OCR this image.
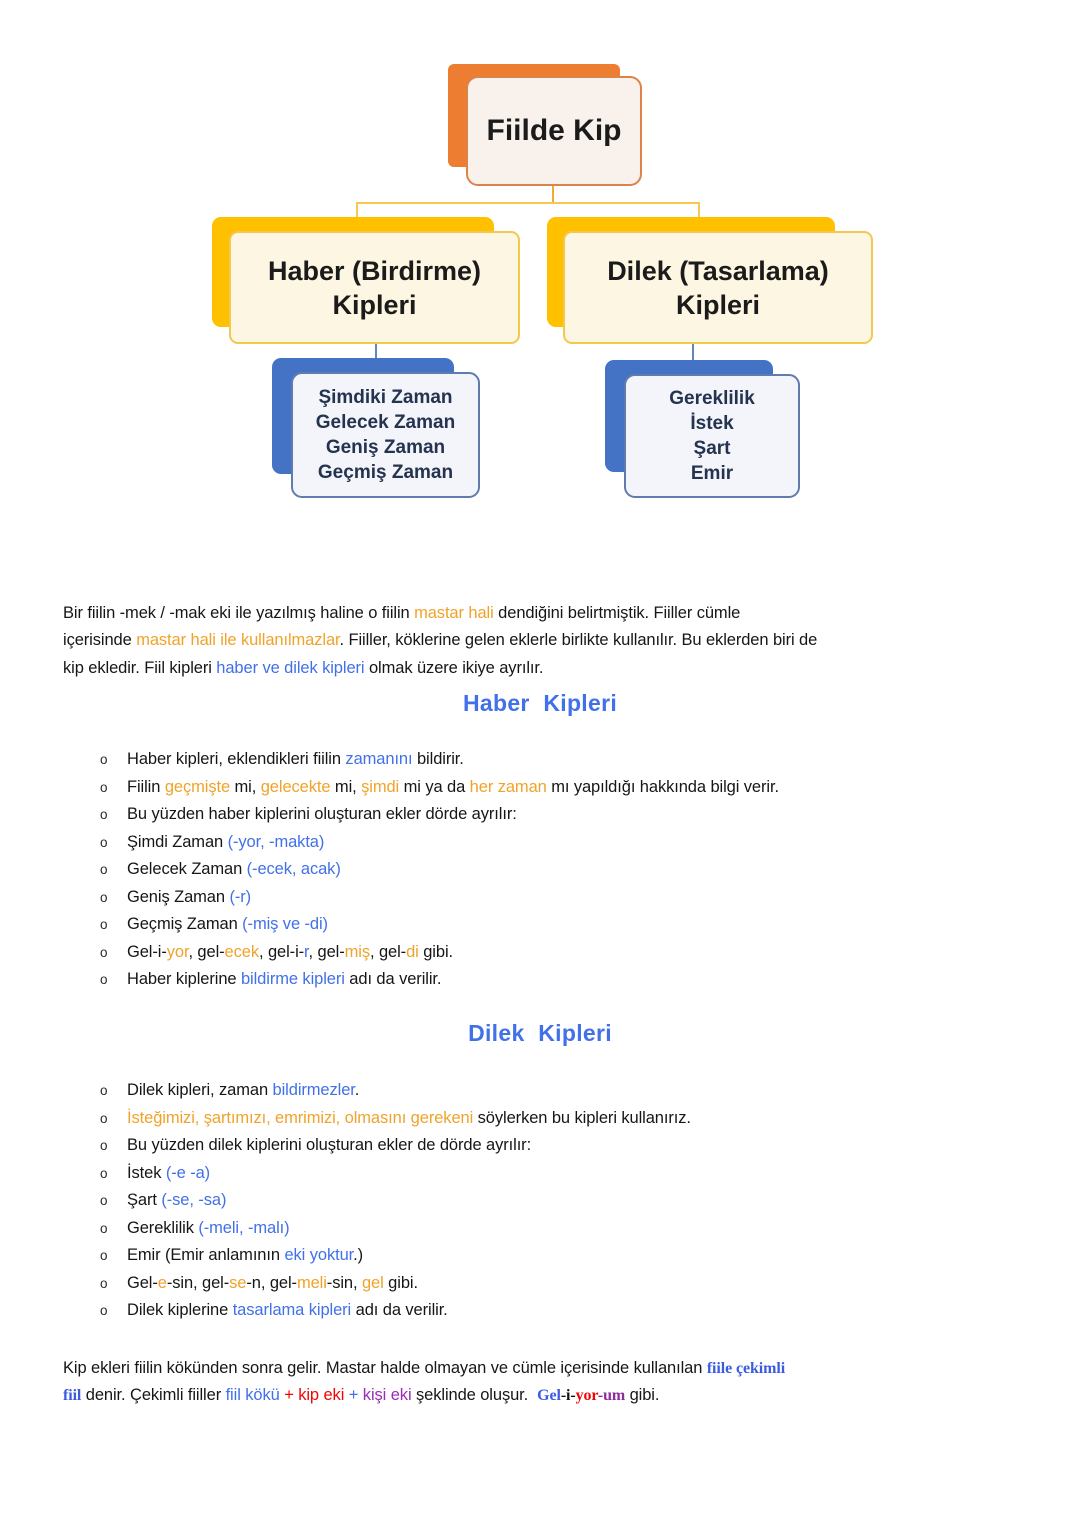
Fiilde Kip
Haber (Birdirme)
Kipleri
Dilek (Tasarlama)
Kipleri
Şimdiki Zaman
Gelecek Zaman
Geniş Zaman
Geçmiş Zaman
Gereklilik
İstek
Şart
Emir

Bir fiilin -mek / -mak eki ile yazılmış haline o fiilin mastar hali dendiğini belirtmiştik. Fiiller cümle
içerisinde mastar hali ile kullanılmazlar. Fiiller, köklerine gelen eklerle birlikte kullanılır. Bu eklerden biri de
kip ekledir. Fiil kipleri haber ve dilek kipleri olmak üzere ikiye ayrılır.

Haber Kipleri
o Haber kipleri, eklendikleri fiilin zamanını bildirir.
o Fiilin geçmişte mi, gelecekte mi, şimdi mi ya da her zaman mı yapıldığı hakkında bilgi verir.
o Bu yüzden haber kiplerini oluşturan ekler dörde ayrılır:
o Şimdi Zaman (-yor, -makta)
o Gelecek Zaman (-ecek, acak)
o Geniş Zaman (-r)
o Geçmiş Zaman (-miş ve -di)
o Gel-i-yor, gel-ecek, gel-i-r, gel-miş, gel-di gibi.
o Haber kiplerine bildirme kipleri adı da verilir.
Dilek Kipleri
o Dilek kipleri, zaman bildirmezler.
o İsteğimizi, şartımızı, emrimizi, olmasını gerekeni söylerken bu kipleri kullanırız.
o Bu yüzden dilek kiplerini oluşturan ekler de dörde ayrılır:
o İstek (-e -a)
o Şart (-se, -sa)
o Gereklilik (-meli, -malı)
o Emir (Emir anlamının eki yoktur.)
o Gel-e-sin, gel-se-n, gel-meli-sin, gel gibi.
o Dilek kiplerine tasarlama kipleri adı da verilir.

Kip ekleri fiilin kökünden sonra gelir. Mastar halde olmayan ve cümle içerisinde kullanılan fiile çekimli
fiil denir. Çekimli fiiller fiil kökü + kip eki + kişi eki şeklinde oluşur.  Gel-i-yor-um gibi.
